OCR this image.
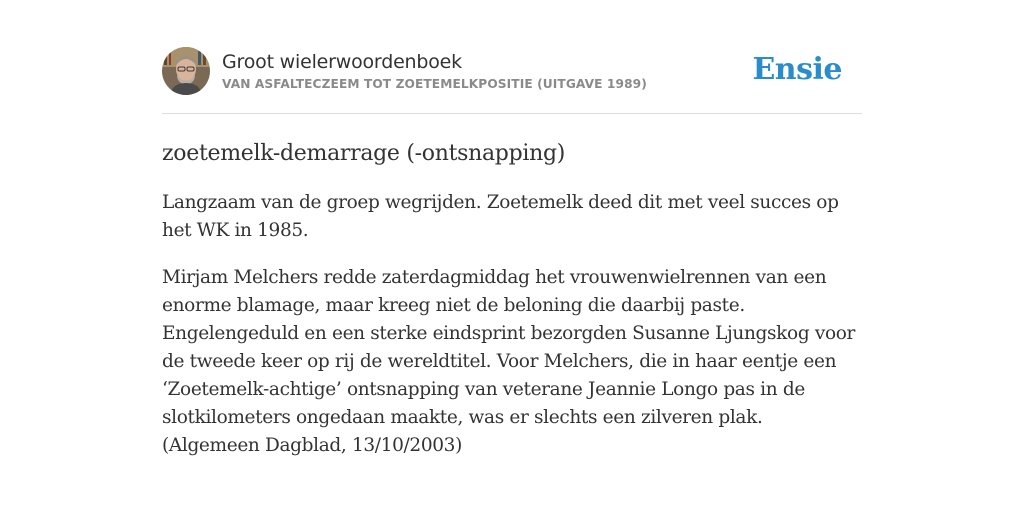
Groot wielerwoordenboek
VAN ASFALTECZEEM TOT ZOETEMELKPOSITIE (UITGAVE 1989)	Ensie
zoetemelk-demarrage (-ontsnapping)

Langzaam van de groep wegrijden. Zoetemelk deed dit met veel succes op het WK in 1985.

Mirjam Melchers redde zaterdagmiddag het vrouwenwielrennen van een enorme blamage, maar kreeg niet de beloning die daarbij paste. Engelengeduld en een sterke eindsprint bezorgden Susanne Ljungskog voor de tweede keer op rij de wereldtitel. Voor Melchers, die in haar eentje een ‘Zoetemelk-achtige’ ontsnapping van veterane Jeannie Longo pas in de slotkilometers ongedaan maakte, was er slechts een zilveren plak. (Algemeen Dagblad, 13/10/2003)
